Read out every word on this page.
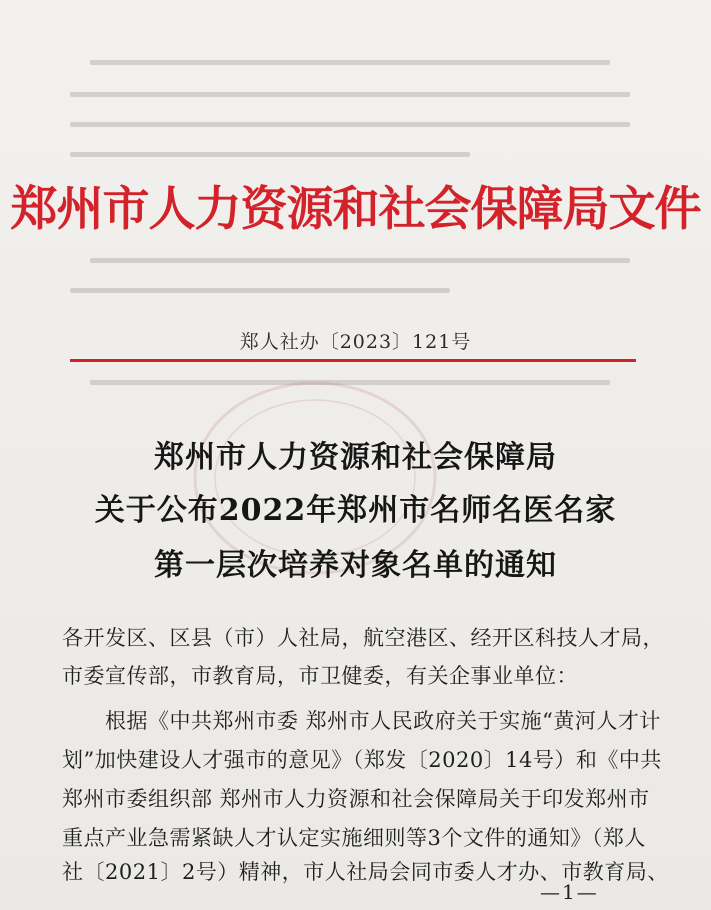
郑州市人力资源和社会保障局文件
郑人社办〔2023〕121号
郑州市人力资源和社会保障局
关于公布2022年郑州市名师名医名家
第一层次培养对象名单的通知
各开发区、区县（市）人社局，航空港区、经开区科技人才局，
市委宣传部，市教育局，市卫健委，有关企事业单位：
　　根据《中共郑州市委 郑州市人民政府关于实施“黄河人才计
划”加快建设人才强市的意见》（郑发〔2020〕14号）和《中共
郑州市委组织部 郑州市人力资源和社会保障局关于印发郑州市
重点产业急需紧缺人才认定实施细则等3个文件的通知》（郑人
社〔2021〕2号）精神，市人社局会同市委人才办、市教育局、
—1—
